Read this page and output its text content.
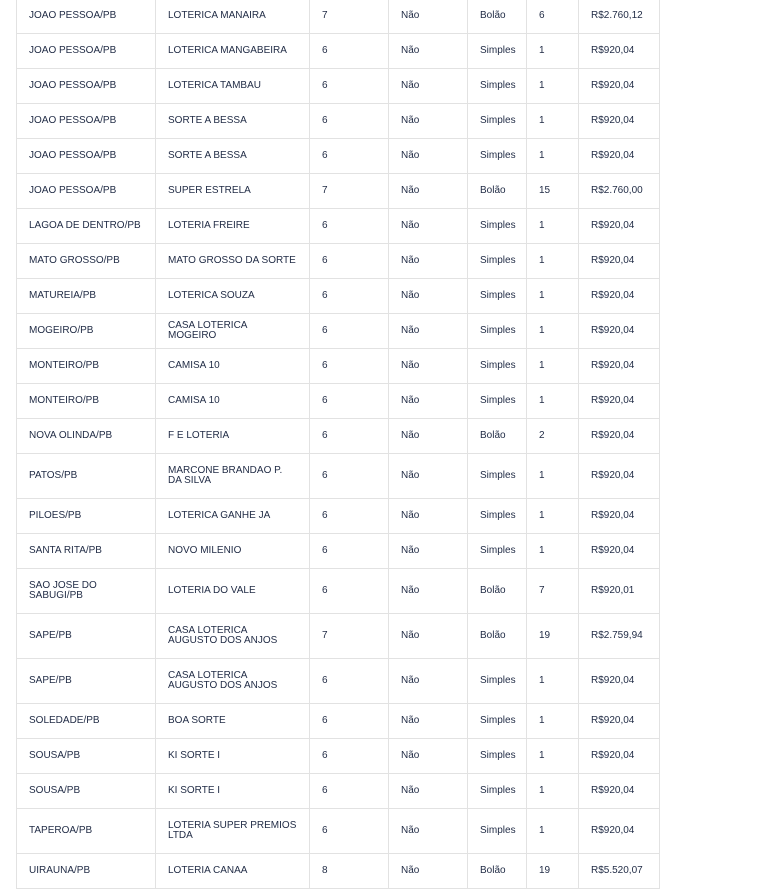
JOAO PESSOA/PB	LOTERICA MANAIRA	7	Não	Bolão	6	R$2.760,12
JOAO PESSOA/PB	LOTERICA MANGABEIRA	6	Não	Simples	1	R$920,04
JOAO PESSOA/PB	LOTERICA TAMBAU	6	Não	Simples	1	R$920,04
JOAO PESSOA/PB	SORTE A BESSA	6	Não	Simples	1	R$920,04
JOAO PESSOA/PB	SORTE A BESSA	6	Não	Simples	1	R$920,04
JOAO PESSOA/PB	SUPER ESTRELA	7	Não	Bolão	15	R$2.760,00
LAGOA DE DENTRO/PB	LOTERIA FREIRE	6	Não	Simples	1	R$920,04
MATO GROSSO/PB	MATO GROSSO DA SORTE	6	Não	Simples	1	R$920,04
MATUREIA/PB	LOTERICA SOUZA	6	Não	Simples	1	R$920,04
MOGEIRO/PB	CASA LOTERICA MOGEIRO	6	Não	Simples	1	R$920,04
MONTEIRO/PB	CAMISA 10	6	Não	Simples	1	R$920,04
MONTEIRO/PB	CAMISA 10	6	Não	Simples	1	R$920,04
NOVA OLINDA/PB	F E LOTERIA	6	Não	Bolão	2	R$920,04
PATOS/PB	MARCONE BRANDAO P. DA SILVA	6	Não	Simples	1	R$920,04
PILOES/PB	LOTERICA GANHE JA	6	Não	Simples	1	R$920,04
SANTA RITA/PB	NOVO MILENIO	6	Não	Simples	1	R$920,04
SAO JOSE DO SABUGI/PB	LOTERIA DO VALE	6	Não	Bolão	7	R$920,01
SAPE/PB	CASA LOTERICA AUGUSTO DOS ANJOS	7	Não	Bolão	19	R$2.759,94
SAPE/PB	CASA LOTERICA AUGUSTO DOS ANJOS	6	Não	Simples	1	R$920,04
SOLEDADE/PB	BOA SORTE	6	Não	Simples	1	R$920,04
SOUSA/PB	KI SORTE I	6	Não	Simples	1	R$920,04
SOUSA/PB	KI SORTE I	6	Não	Simples	1	R$920,04
TAPEROA/PB	LOTERIA SUPER PREMIOS LTDA	6	Não	Simples	1	R$920,04
UIRAUNA/PB	LOTERIA CANAA	8	Não	Bolão	19	R$5.520,07
